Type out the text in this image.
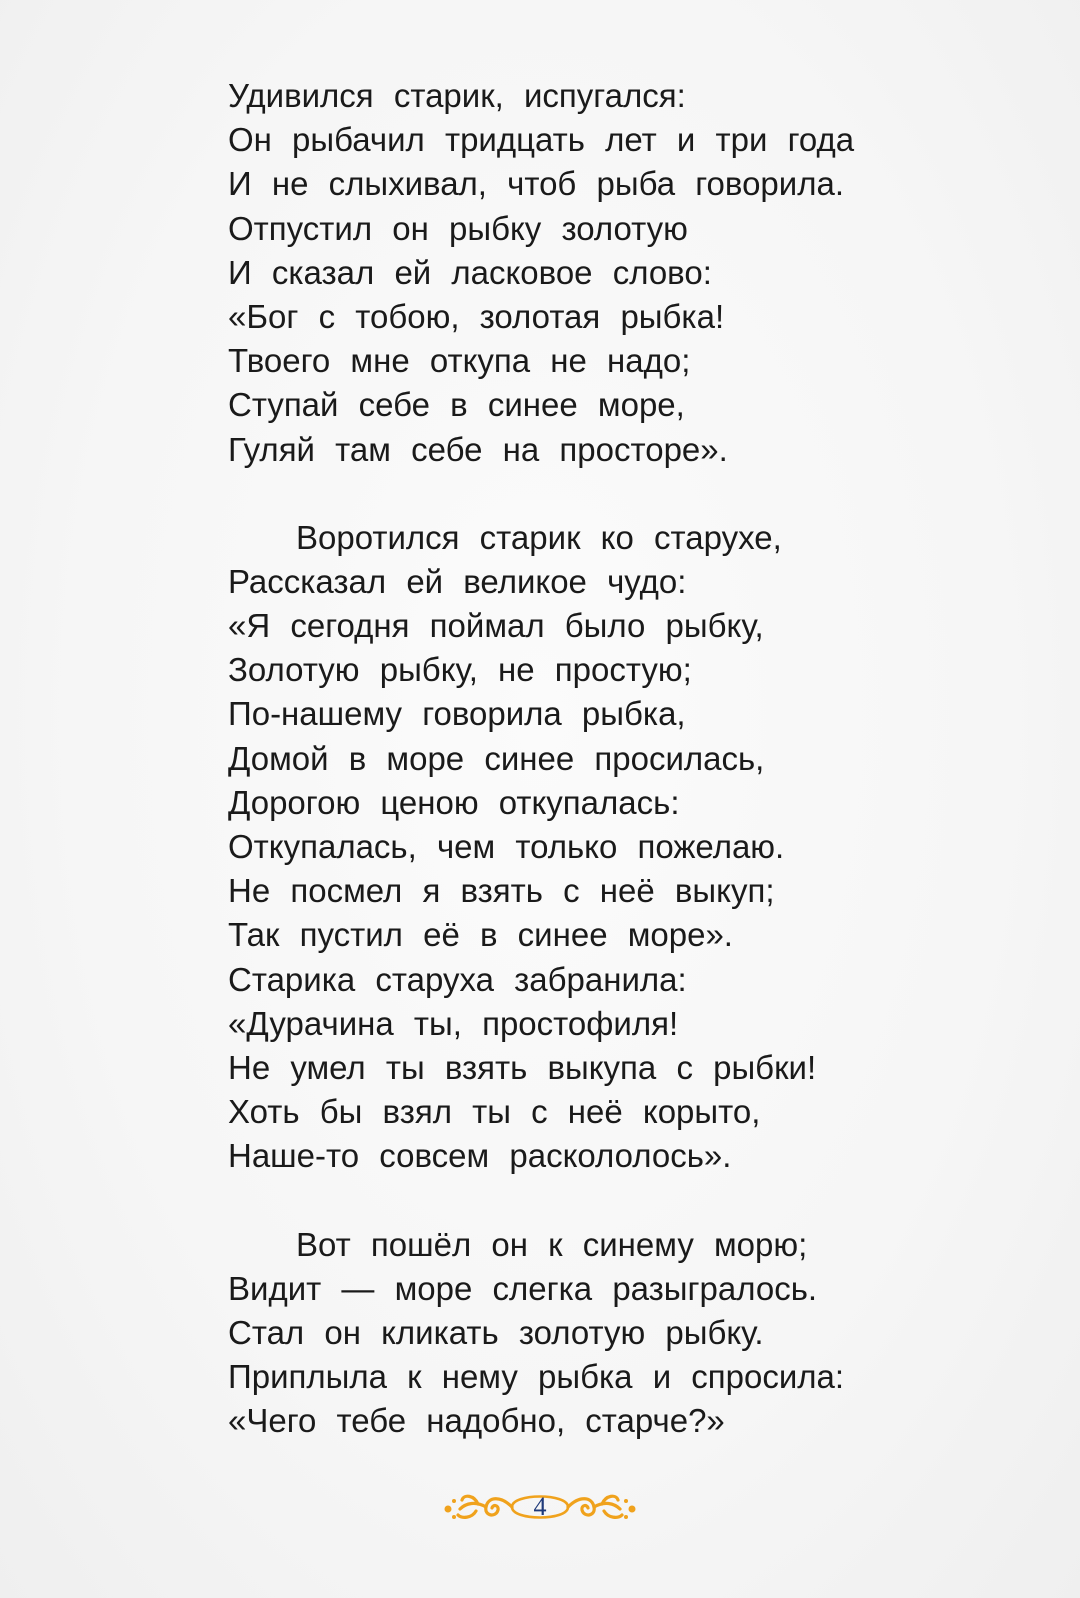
Удивился старик, испугался:
Он рыбачил тридцать лет и три года
И не слыхивал, чтоб рыба говорила.
Отпустил он рыбку золотую
И сказал ей ласковое слово:
«Бог с тобою, золотая рыбка!
Твоего мне откупа не надо;
Ступай себе в синее море,
Гуляй там себе на просторе».
Воротился старик ко старухе,
Рассказал ей великое чудо:
«Я сегодня поймал было рыбку,
Золотую рыбку, не простую;
По-нашему говорила рыбка,
Домой в море синее просилась,
Дорогою ценою откупалась:
Откупалась, чем только пожелаю.
Не посмел я взять с неё выкуп;
Так пустил её в синее море».
Старика старуха забранила:
«Дурачина ты, простофиля!
Не умел ты взять выкупа с рыбки!
Хоть бы взял ты с неё корыто,
Наше-то совсем раскололось».
Вот пошёл он к синему морю;
Видит — море слегка разыгралось.
Стал он кликать золотую рыбку.
Приплыла к нему рыбка и спросила:
«Чего тебе надобно, старче?»
4
